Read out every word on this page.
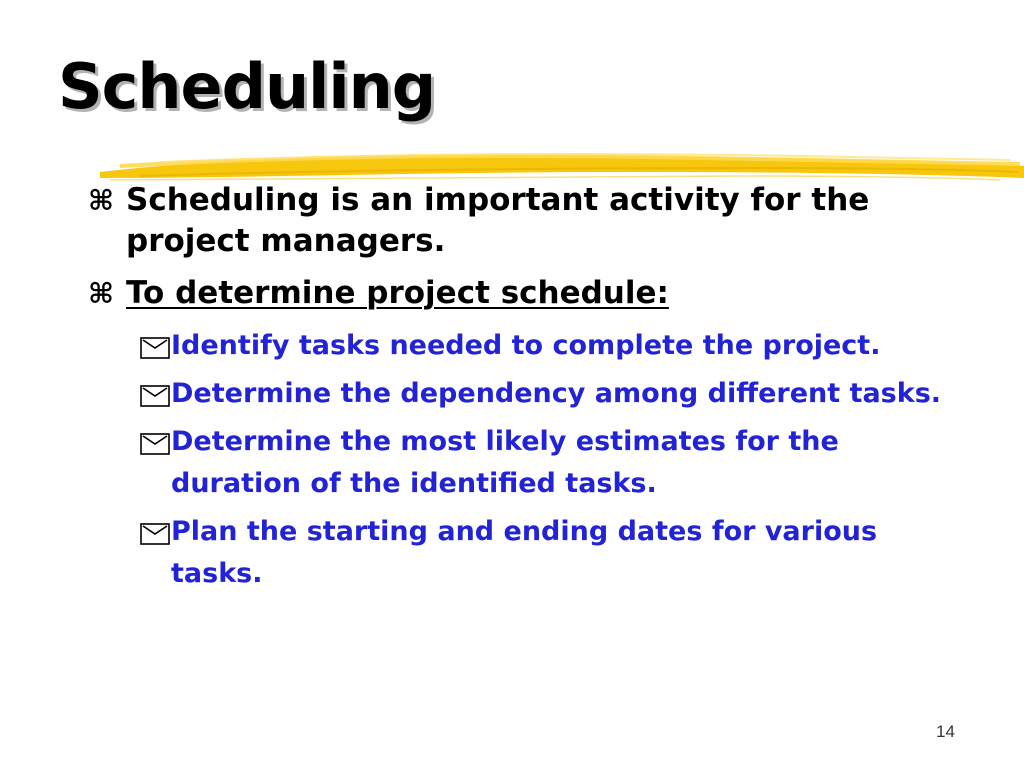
Scheduling
⌘ Scheduling is an important activity for the project managers.
⌘ To determine project schedule:
Identify tasks needed to complete the project.
Determine the dependency among different tasks.
Determine the most likely estimates for the duration of the identified tasks.
Plan the starting and ending dates for various tasks.
14
